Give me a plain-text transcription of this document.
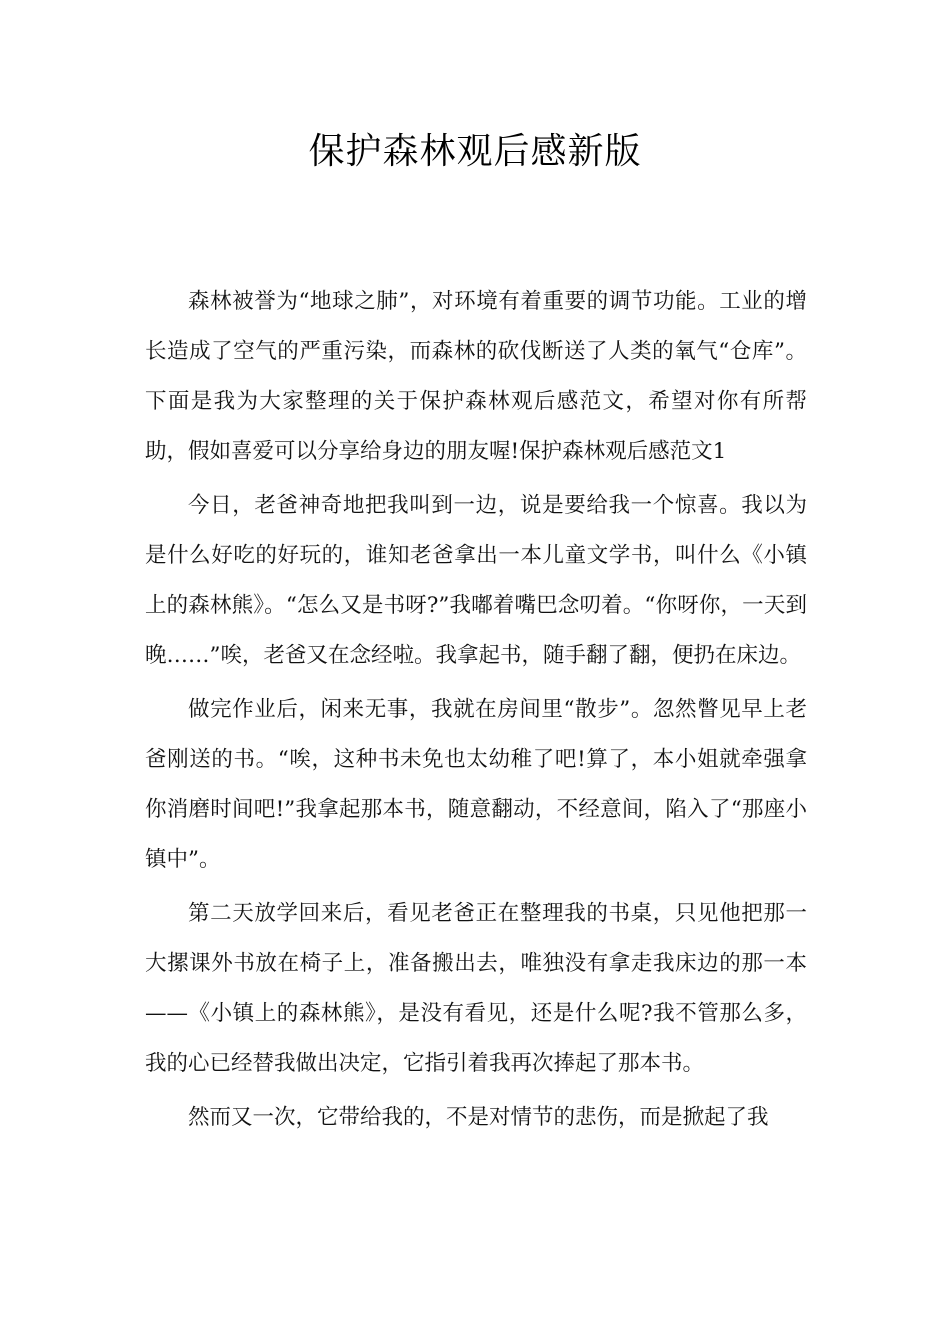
保护森林观后感新版

森林被誉为“地球之肺”，对环境有着重要的调节功能。工业的增长造成了空气的严重污染，而森林的砍伐断送了人类的氧气“仓库”。下面是我为大家整理的关于保护森林观后感范文，希望对你有所帮助，假如喜爱可以分享给身边的朋友喔!保护森林观后感范文1

今日，老爸神奇地把我叫到一边，说是要给我一个惊喜。我以为是什么好吃的好玩的，谁知老爸拿出一本儿童文学书，叫什么《小镇上的森林熊》。“怎么又是书呀?”我嘟着嘴巴念叨着。“你呀你，一天到晚……”唉，老爸又在念经啦。我拿起书，随手翻了翻，便扔在床边。

做完作业后，闲来无事，我就在房间里“散步”。忽然瞥见早上老爸刚送的书。“唉，这种书未免也太幼稚了吧!算了，本小姐就牵强拿你消磨时间吧!”我拿起那本书，随意翻动，不经意间，陷入了“那座小镇中”。

第二天放学回来后，看见老爸正在整理我的书桌，只见他把那一大摞课外书放在椅子上，准备搬出去，唯独没有拿走我床边的那一本——《小镇上的森林熊》，是没有看见，还是什么呢?我不管那么多，我的心已经替我做出决定，它指引着我再次捧起了那本书。

然而又一次，它带给我的，不是对情节的悲伤，而是掀起了我
